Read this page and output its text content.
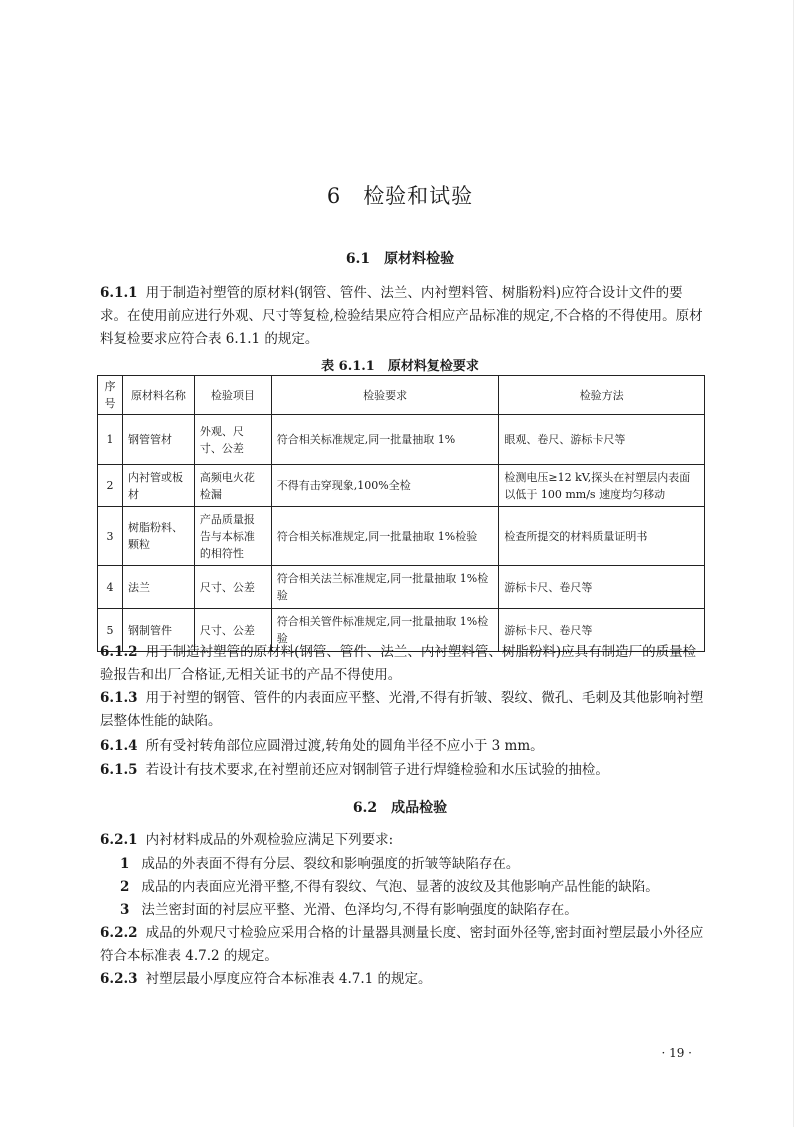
6　 检验和试验
6.1　 原材料检验
6.1.1 用于制造衬塑管的原材料(钢管、管件、法兰、内衬塑料管、树脂粉料)应符合设计文件的要求。在使用前应进行外观、尺寸等复检,检验结果应符合相应产品标准的规定,不合格的不得使用。原材料复检要求应符合表 6.1.1 的规定。
表 6.1.1　原材料复检要求
序号	原材料名称	检验项目	检验要求	检验方法
1	钢管管材	外观、尺寸、公差	符合相关标准规定,同一批量抽取 1%	眼观、卷尺、游标卡尺等
2	内衬管或板材	高频电火花检漏	不得有击穿现象,100%全检	检测电压≥12 kV,探头在衬塑层内表面以低于 100 mm/s 速度均匀移动
3	树脂粉料、颗粒	产品质量报告与本标准的相符性	符合相关标准规定,同一批量抽取 1%检验	检查所提交的材料质量证明书
4	法兰	尺寸、公差	符合相关法兰标准规定,同一批量抽取 1%检验	游标卡尺、卷尺等
5	钢制管件	尺寸、公差	符合相关管件标准规定,同一批量抽取 1%检验	游标卡尺、卷尺等
6.1.2 用于制造衬塑管的原材料(钢管、管件、法兰、内衬塑料管、树脂粉料)应具有制造厂的质量检验报告和出厂合格证,无相关证书的产品不得使用。
6.1.3 用于衬塑的钢管、管件的内表面应平整、光滑,不得有折皱、裂纹、微孔、毛刺及其他影响衬塑层整体性能的缺陷。
6.1.4 所有受衬转角部位应圆滑过渡,转角处的圆角半径不应小于 3 mm。
6.1.5 若设计有技术要求,在衬塑前还应对钢制管子进行焊缝检验和水压试验的抽检。
6.2　 成品检验
6.2.1 内衬材料成品的外观检验应满足下列要求:
1 成品的外表面不得有分层、裂纹和影响强度的折皱等缺陷存在。
2 成品的内表面应光滑平整,不得有裂纹、气泡、显著的波纹及其他影响产品性能的缺陷。
3 法兰密封面的衬层应平整、光滑、色泽均匀,不得有影响强度的缺陷存在。
6.2.2 成品的外观尺寸检验应采用合格的计量器具测量长度、密封面外径等,密封面衬塑层最小外径应符合本标准表 4.7.2 的规定。
6.2.3 衬塑层最小厚度应符合本标准表 4.7.1 的规定。
· 19 ·
